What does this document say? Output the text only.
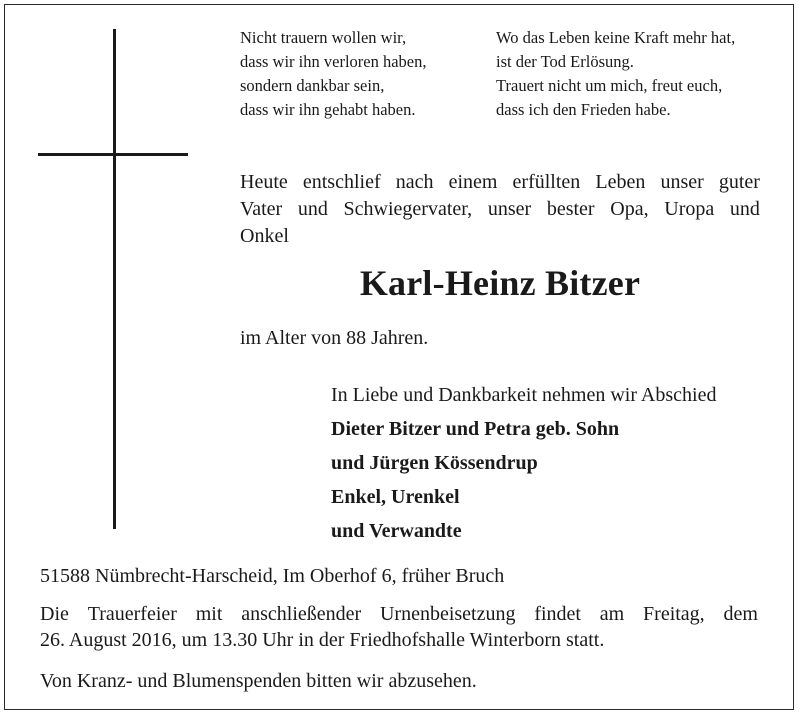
Nicht trauern wollen wir,
dass wir ihn verloren haben,
sondern dankbar sein,
dass wir ihn gehabt haben.
Wo das Leben keine Kraft mehr hat,
ist der Tod Erlösung.
Trauert nicht um mich, freut euch,
dass ich den Frieden habe.
Heute entschlief nach einem erfüllten Leben unser guter
Vater und Schwiegervater, unser bester Opa, Uropa und
Onkel
Karl-Heinz Bitzer
im Alter von 88 Jahren.
In Liebe und Dankbarkeit nehmen wir Abschied
Dieter Bitzer und Petra geb. Sohn
und Jürgen Kössendrup
Enkel, Urenkel
und Verwandte
51588 Nümbrecht-Harscheid, Im Oberhof 6, früher Bruch
Die Trauerfeier mit anschließender Urnenbeisetzung findet am Freitag, dem
26. August 2016, um 13.30 Uhr in der Friedhofshalle Winterborn statt.
Von Kranz- und Blumenspenden bitten wir abzusehen.
